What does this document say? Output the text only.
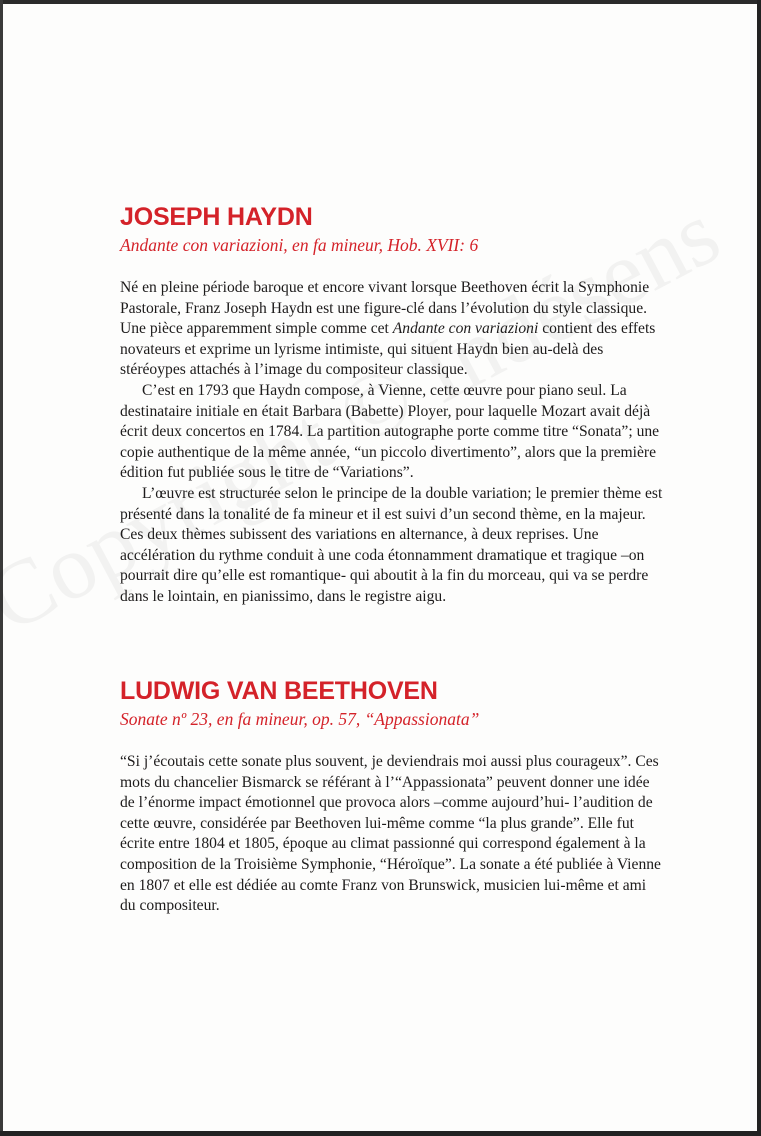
JOSEPH HAYDN
Andante con variazioni, en fa mineur, Hob. XVII: 6

Né en pleine période baroque et encore vivant lorsque Beethoven écrit la Symphonie Pastorale, Franz Joseph Haydn est une figure-clé dans l’évolution du style classique. Une pièce apparemment simple comme cet Andante con variazioni contient des effets novateurs et exprime un lyrisme intimiste, qui situent Haydn bien au-delà des stéréoypes attachés à l’image du compositeur classique.

C’est en 1793 que Haydn compose, à Vienne, cette œuvre pour piano seul. La destinataire initiale en était Barbara (Babette) Ployer, pour laquelle Mozart avait déjà écrit deux concertos en 1784. La partition autographe porte comme titre “Sonata”; une copie authentique de la même année, “un piccolo divertimento”, alors que la première édition fut publiée sous le titre de “Variations”.

L’œuvre est structurée selon le principe de la double variation; le premier thème est présenté dans la tonalité de fa mineur et il est suivi d’un second thème, en la majeur. Ces deux thèmes subissent des variations en alternance, à deux reprises. Une accélération du rythme conduit à une coda étonnamment dramatique et tragique –on pourrait dire qu’elle est romantique- qui aboutit à la fin du morceau, qui va se perdre dans le lointain, en pianissimo, dans le registre aigu.

LUDWIG VAN BEETHOVEN
Sonate nº 23, en fa mineur, op. 57, “Appassionata”

“Si j’écoutais cette sonate plus souvent, je deviendrais moi aussi plus courageux”. Ces mots du chancelier Bismarck se référant à l’“Appassionata” peuvent donner une idée de l’énorme impact émotionnel que provoca alors –comme aujourd’hui- l’audition de cette œuvre, considérée par Beethoven lui-même comme “la plus grande”. Elle fut écrite entre 1804 et 1805, époque au climat passionné qui correspond également à la composition de la Troisième Symphonie, “Héroïque”. La sonate a été publiée à Vienne en 1807 et elle est dédiée au comte Franz von Brunswick, musicien lui-même et ami du compositeur.
